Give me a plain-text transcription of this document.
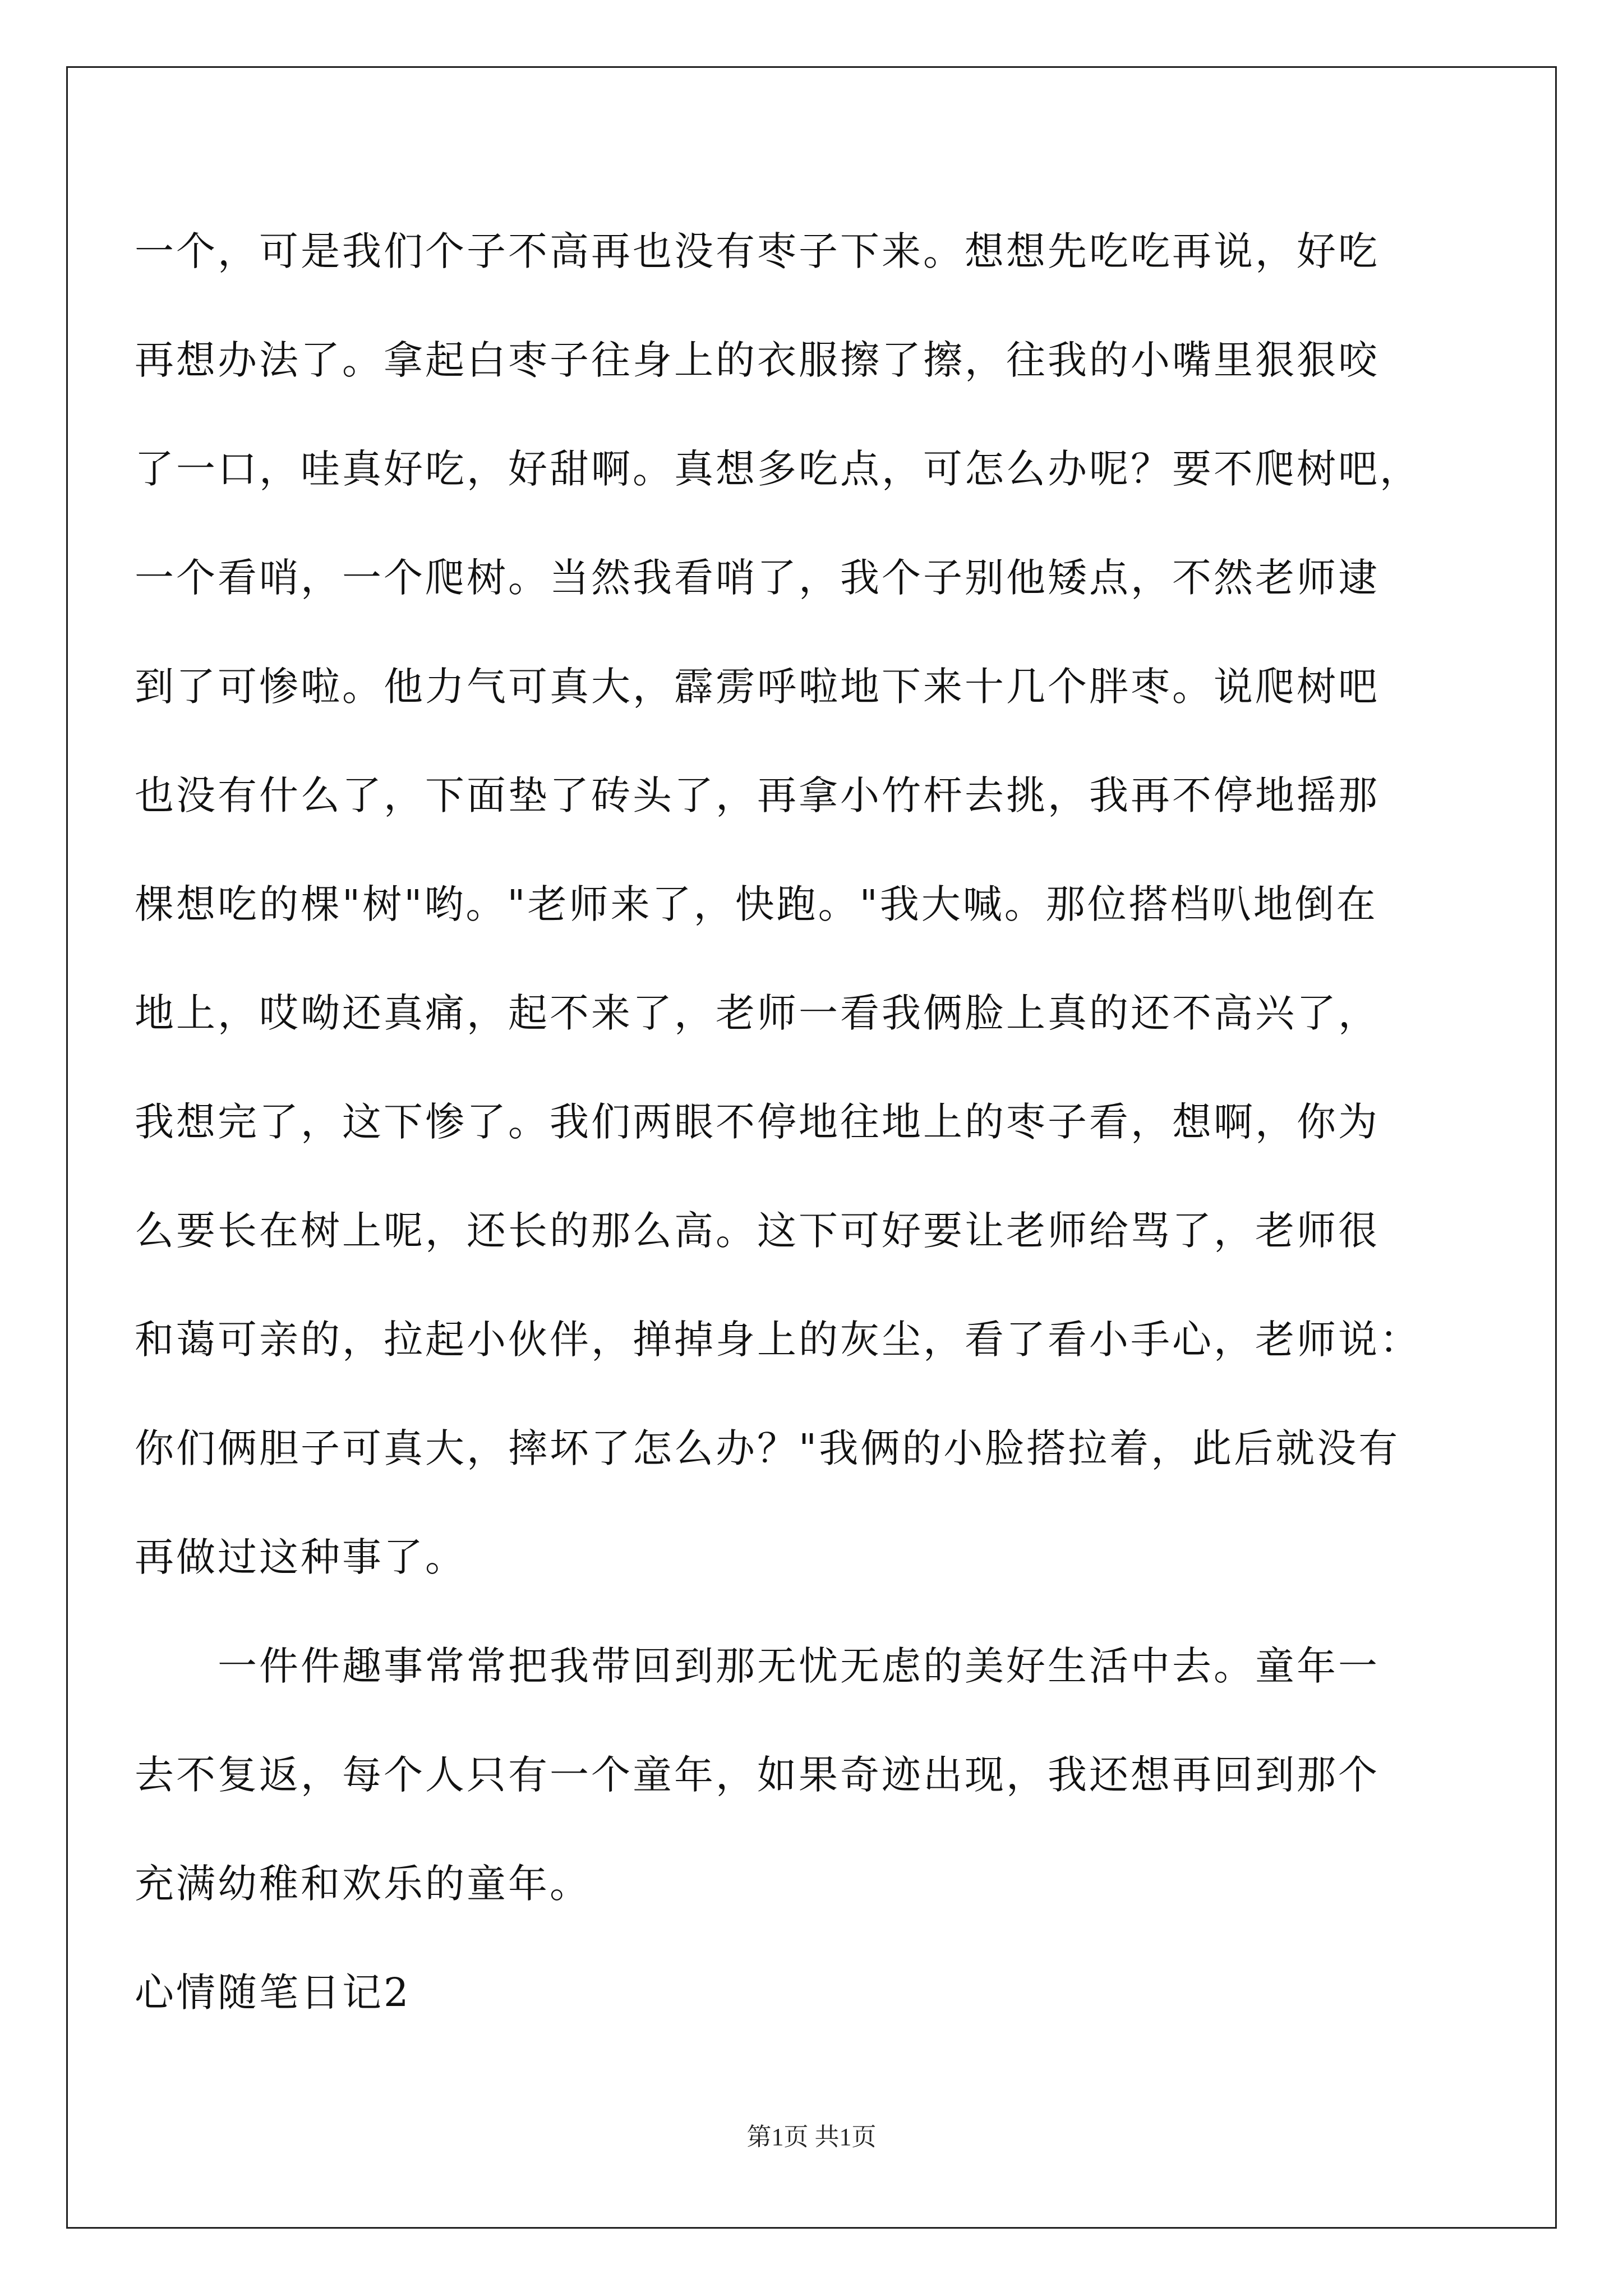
一个，可是我们个子不高再也没有枣子下来。想想先吃吃再说，好吃
再想办法了。拿起白枣子往身上的衣服擦了擦，往我的小嘴里狠狠咬
了一口，哇真好吃，好甜啊。真想多吃点，可怎么办呢？要不爬树吧，
一个看哨，一个爬树。当然我看哨了，我个子别他矮点，不然老师逮
到了可惨啦。他力气可真大，霹雳呼啦地下来十几个胖枣。说爬树吧
也没有什么了，下面垫了砖头了，再拿小竹杆去挑，我再不停地摇那
棵想吃的棵"树"哟。"老师来了，快跑。"我大喊。那位搭档叭地倒在
地上，哎呦还真痛，起不来了，老师一看我俩脸上真的还不高兴了，
我想完了，这下惨了。我们两眼不停地往地上的枣子看，想啊，你为
么要长在树上呢，还长的那么高。这下可好要让老师给骂了，老师很
和蔼可亲的，拉起小伙伴，掸掉身上的灰尘，看了看小手心，老师说：
你们俩胆子可真大，摔坏了怎么办？"我俩的小脸搭拉着，此后就没有
再做过这种事了。
一件件趣事常常把我带回到那无忧无虑的美好生活中去。童年一
去不复返，每个人只有一个童年，如果奇迹出现，我还想再回到那个
充满幼稚和欢乐的童年。
心情随笔日记2
第1页 共1页
